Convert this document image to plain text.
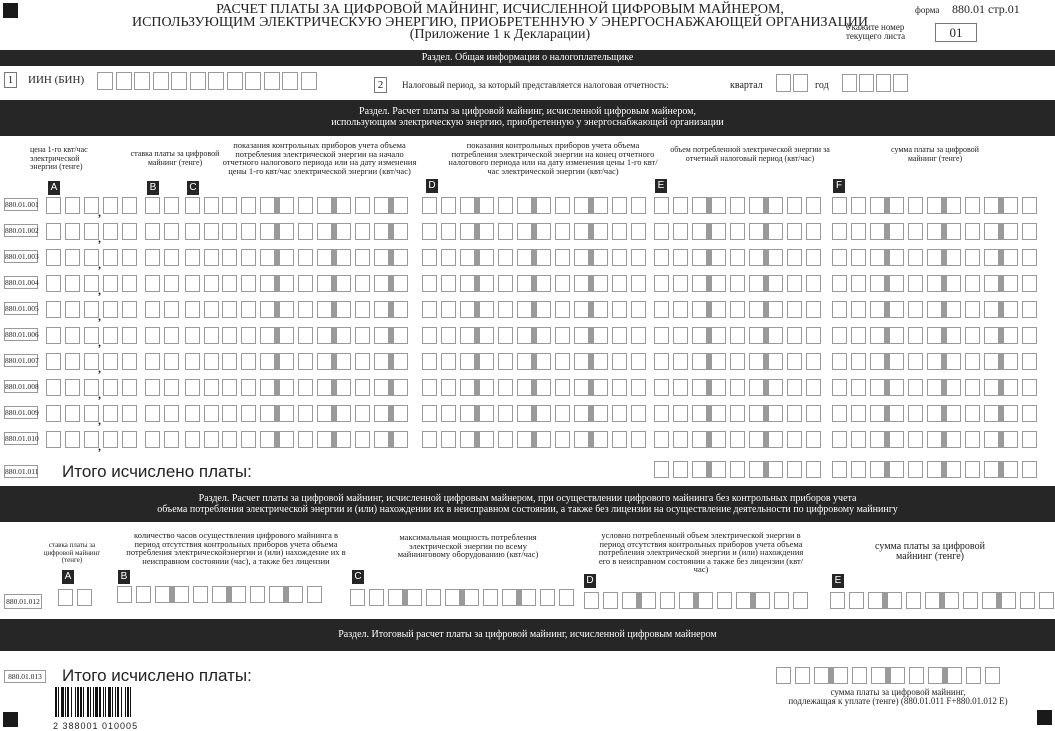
РАСЧЕТ ПЛАТЫ ЗА ЦИФРОВОЙ МАЙНИНГ, ИСЧИСЛЕННОЙ ЦИФРОВЫМ МАЙНЕРОМ,
ИСПОЛЬЗУЮЩИМ ЭЛЕКТРИЧЕСКУЮ ЭНЕРГИЮ, ПРИОБРЕТЕННУЮ У ЭНЕРГОСНАБЖАЮЩЕЙ ОРГАНИЗАЦИИ
(Приложение 1 к Декларации)
форма 880.01 стр.01
Укажите номер
текущего листа	01
Раздел. Общая информация о налогоплательщике
1	ИИН (БИН)	2	Налоговый период, за который представляется налоговая отчетность:	квартал	год
Раздел. Расчет платы за цифровой майнинг, исчисленной цифровым майнером,
использующим электрическую энергию, приобретенную у энергоснабжающей организации
цена 1-го квт/час электрической энергии (тенге)
ставка платы за цифровой майнинг (тенге)
показания контрольных приборов учета объема потребления электрической энергии на начало отчетного налогового периода или на дату изменения цены 1-го квт/час электрической энергии (квт/час)
показания контрольных приборов учета объема потребления электрической энергии на конец отчетного налогового периода или на дату изменения цены 1-го квт/час электрической энергии (квт/час)
объем потребленной электрической энергии за отчетный налоговый период (квт/час)
сумма платы за цифровой майнинг (тенге)
A	B	C	D	E	F
880.01.001
,
880.01.002
,
880.01.003
,
880.01.004
,
880.01.005
,
880.01.006
,
880.01.007
,
880.01.008
,
880.01.009
,
880.01.010
,
880.01.011 Итого исчислено платы:
Раздел. Расчет платы за цифровой майнинг, исчисленной цифровым майнером, при осуществлении цифрового майнинга без контрольных приборов учета
объема потребления электрической энергии и (или) нахождении их в неисправном состоянии, а также без лицензии на осуществление деятельности по цифровому майнингу
ставка платы за цифровой майнинг (тенге)
количество часов осуществления цифрового майнинга в период отсутствия контрольных приборов учета объема потребления электрическойэнергии и (или) нахождение их в неисправном состоянии (час), а также без лицензии
максимальная мощность потребления электрической энергии по всему майнинговому оборудованию (квт/час)
условно потребленный объем электрической энергии в период отсутствия контрольных приборов учета объема потребления электрической энергии и (или) нахождения его в неисправном состоянии а также без лицензии (квт/час)
сумма платы за цифровой майнинг (тенге)
A	B	C	D	E
880.01.012
Раздел. Итоговый расчет платы за цифровой майнинг, исчисленной цифровым майнером
880.01.013 Итого исчислено платы:
сумма платы за цифровой майнинг,
подлежащая к уплате (тенге) (880.01.011 F+880.01.012 E)
2 388001 010005
